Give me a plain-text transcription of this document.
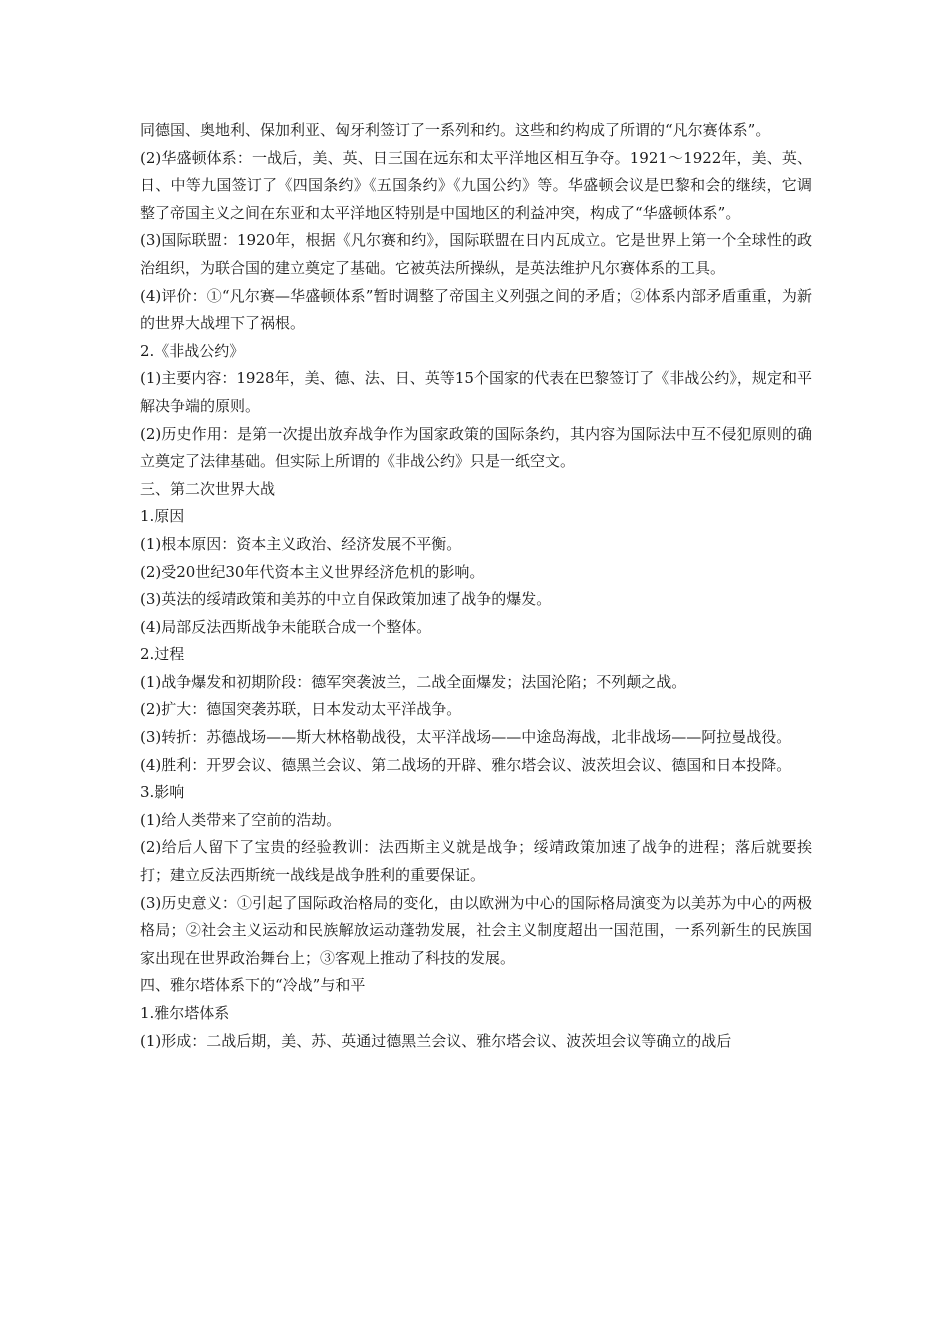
同德国、奥地利、保加利亚、匈牙利签订了一系列和约。这些和约构成了所谓的“凡尔赛体系”。

(2)华盛顿体系：一战后，美、英、日三国在远东和太平洋地区相互争夺。1921～1922年，美、英、日、中等九国签订了《四国条约》《五国条约》《九国公约》等。华盛顿会议是巴黎和会的继续，它调整了帝国主义之间在东亚和太平洋地区特别是中国地区的利益冲突，构成了“华盛顿体系”。

(3)国际联盟：1920年，根据《凡尔赛和约》，国际联盟在日内瓦成立。它是世界上第一个全球性的政治组织，为联合国的建立奠定了基础。它被英法所操纵，是英法维护凡尔赛体系的工具。

(4)评价：①“凡尔赛—华盛顿体系”暂时调整了帝国主义列强之间的矛盾；②体系内部矛盾重重，为新的世界大战埋下了祸根。

2.《非战公约》

(1)主要内容：1928年，美、德、法、日、英等15个国家的代表在巴黎签订了《非战公约》，规定和平解决争端的原则。

(2)历史作用：是第一次提出放弃战争作为国家政策的国际条约，其内容为国际法中互不侵犯原则的确立奠定了法律基础。但实际上所谓的《非战公约》只是一纸空文。

三、第二次世界大战

1.原因

(1)根本原因：资本主义政治、经济发展不平衡。

(2)受20世纪30年代资本主义世界经济危机的影响。

(3)英法的绥靖政策和美苏的中立自保政策加速了战争的爆发。

(4)局部反法西斯战争未能联合成一个整体。

2.过程

(1)战争爆发和初期阶段：德军突袭波兰，二战全面爆发；法国沦陷；不列颠之战。

(2)扩大：德国突袭苏联，日本发动太平洋战争。

(3)转折：苏德战场——斯大林格勒战役，太平洋战场——中途岛海战，北非战场——阿拉曼战役。

(4)胜利：开罗会议、德黑兰会议、第二战场的开辟、雅尔塔会议、波茨坦会议、德国和日本投降。

3.影响

(1)给人类带来了空前的浩劫。

(2)给后人留下了宝贵的经验教训：法西斯主义就是战争；绥靖政策加速了战争的进程；落后就要挨打；建立反法西斯统一战线是战争胜利的重要保证。

(3)历史意义：①引起了国际政治格局的变化，由以欧洲为中心的国际格局演变为以美苏为中心的两极格局；②社会主义运动和民族解放运动蓬勃发展，社会主义制度超出一国范围，一系列新生的民族国家出现在世界政治舞台上；③客观上推动了科技的发展。

四、雅尔塔体系下的“冷战”与和平

1.雅尔塔体系

(1)形成：二战后期，美、苏、英通过德黑兰会议、雅尔塔会议、波茨坦会议等确立的战后
